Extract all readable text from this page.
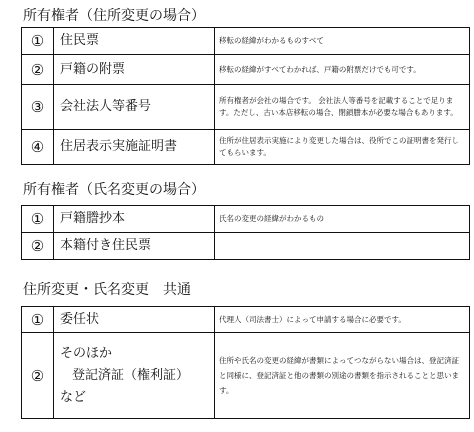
所有権者（住所変更の場合）
①	住民票	移転の経緯がわかるものすべて
②	戸籍の附票	移転の経緯がすべてわかれば、戸籍の附票だけでも可です。
③	会社法人等番号	所有権者が会社の場合です。 会社法人等番号を記載することで足ります。ただし、古い本店移転の場合、閉鎖謄本が必要な場合もあります。
④	住居表示実施証明書	住所が住居表示実施により変更した場合は、役所でこの証明書を発行してもらいます。
所有権者（氏名変更の場合）
①	戸籍謄抄本	氏名の変更の経緯がわかるもの
②	本籍付き住民票	
住所変更・氏名変更　共通
①	委任状	代理人（司法書士）によって申請する場合に必要です。
②	そのほか
登記済証（権利証）
など	住所や氏名の変更の経緯が書類によってつながらない場合は、登記済証と同様に、登記済証と他の書類の別途の書類を指示されることと思います。
